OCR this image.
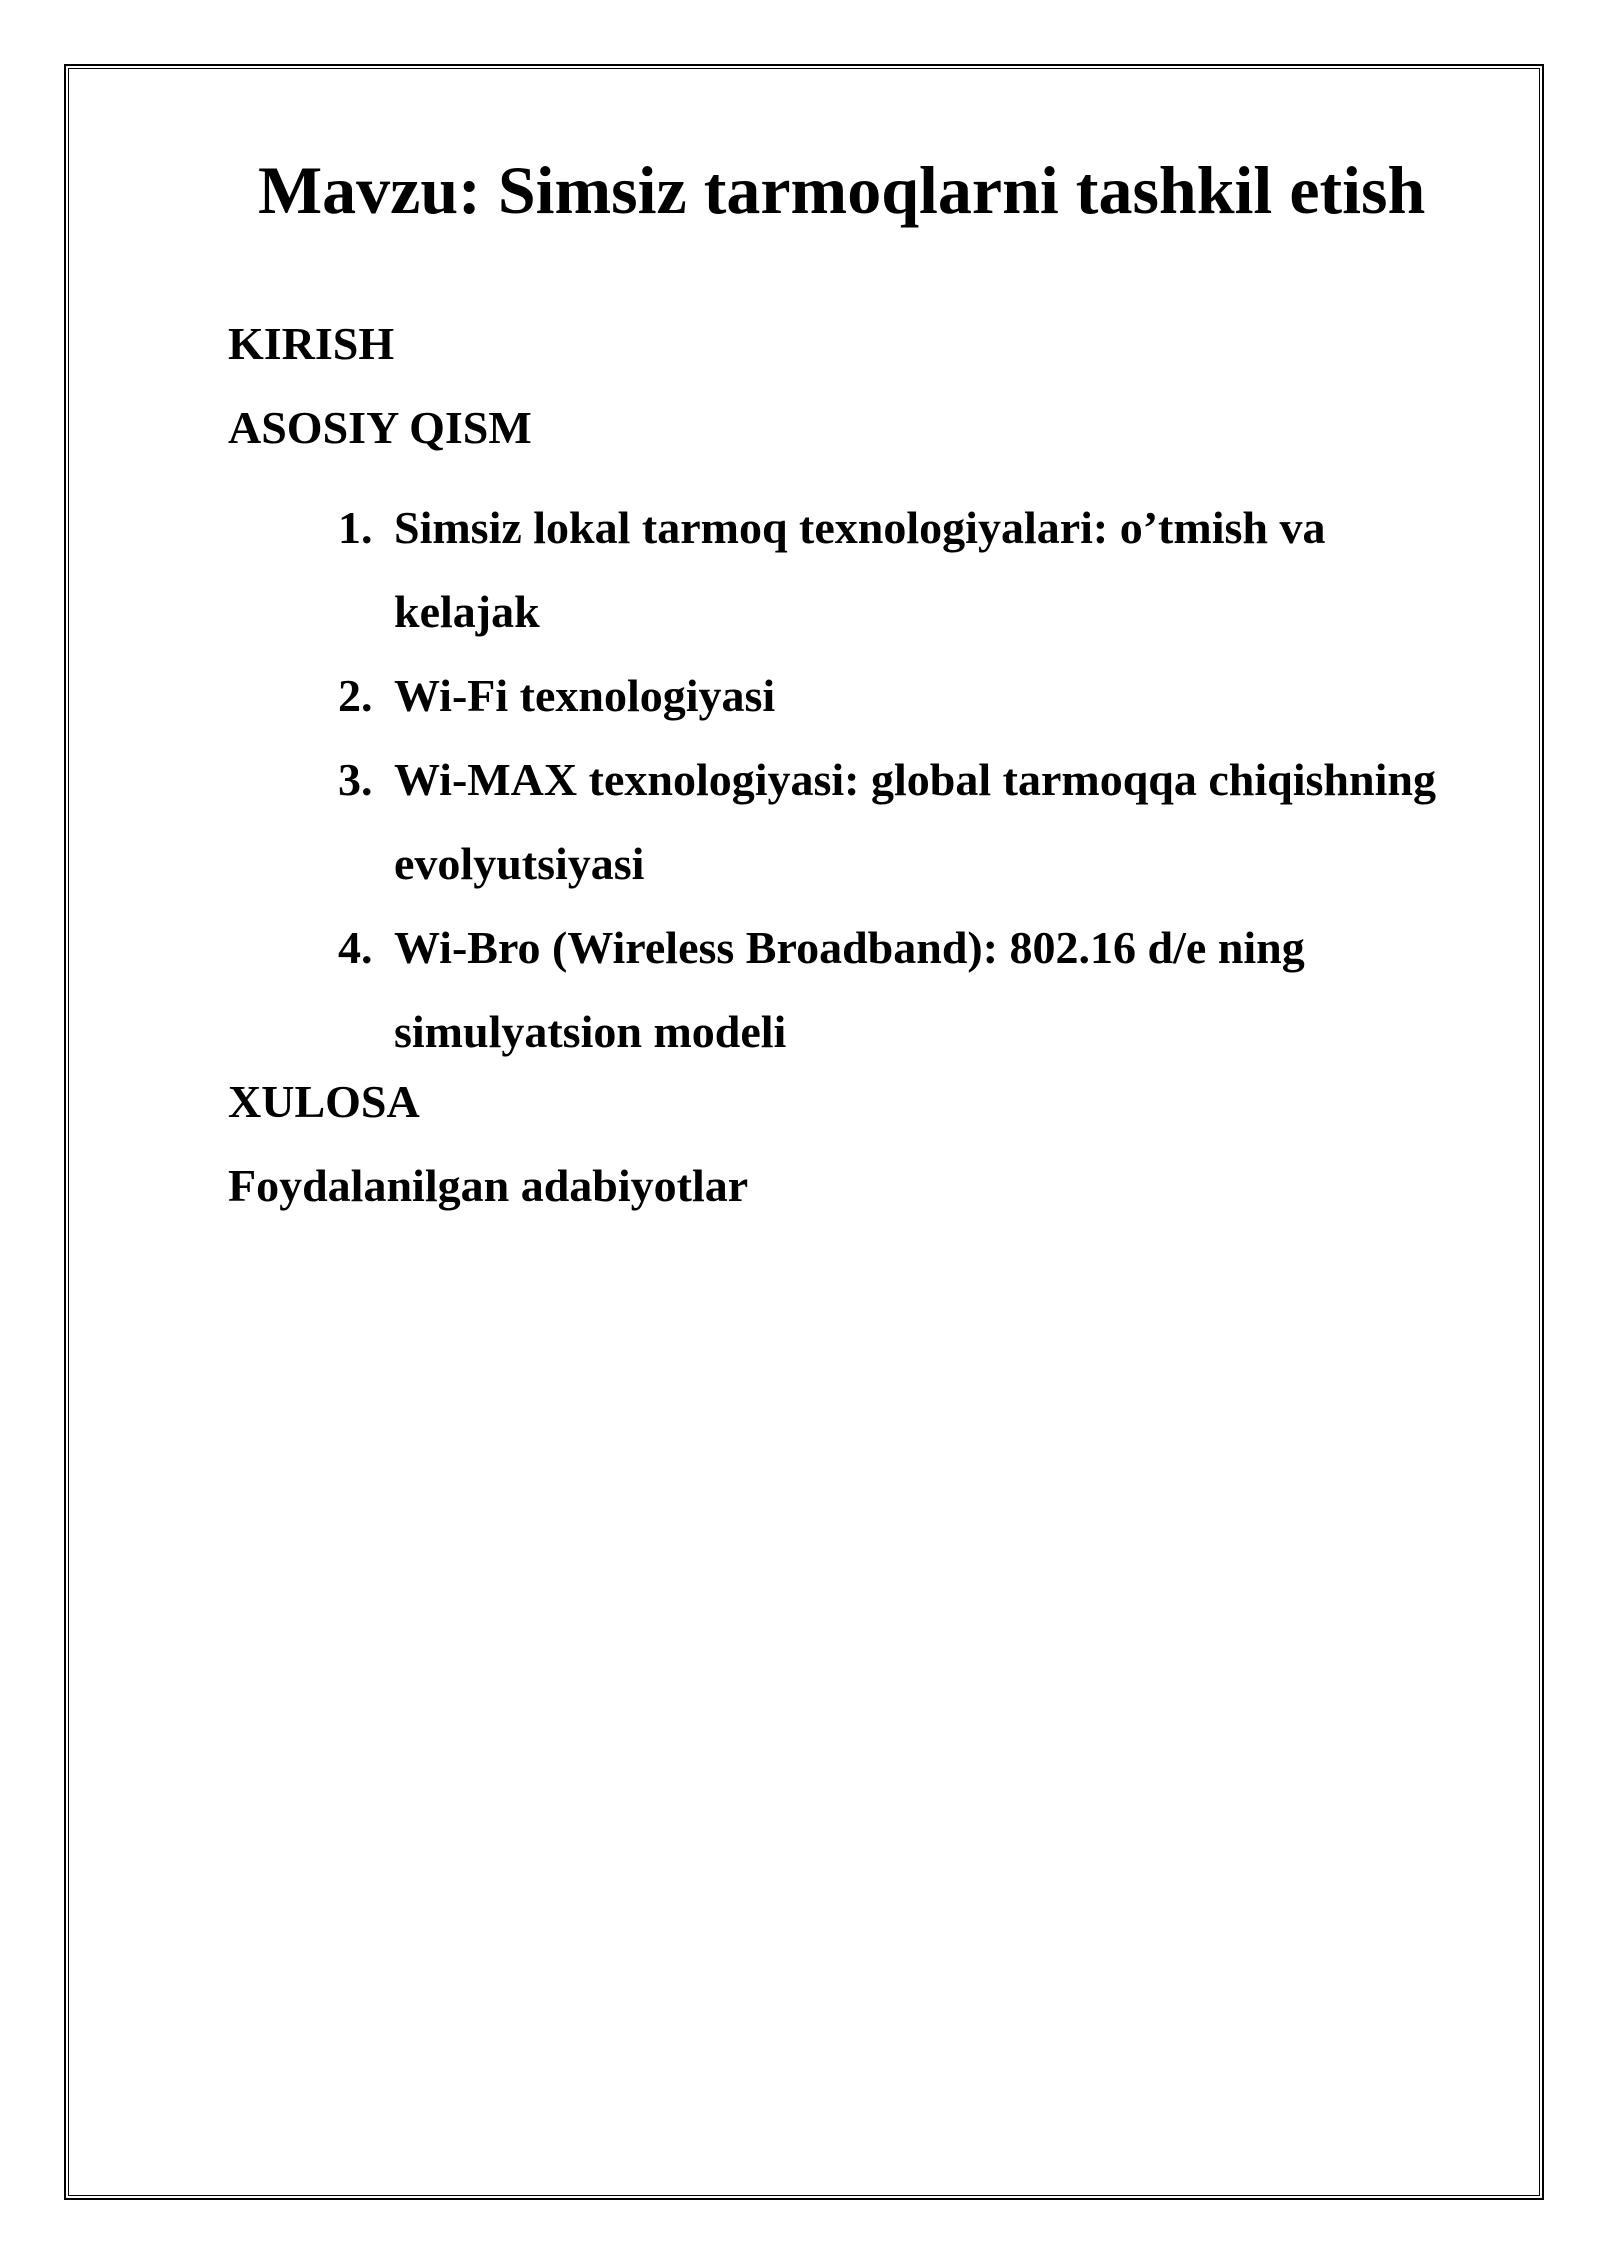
Mavzu: Simsiz tarmoqlarni tashkil etish
KIRISH
ASOSIY QISM
1. Simsiz lokal tarmoq texnologiyalari: o’tmish va kelajak
2. Wi-Fi texnologiyasi
3. Wi-MAX texnologiyasi: global tarmoqqa chiqishning evolyutsiyasi
4. Wi-Bro (Wireless Broadband): 802.16 d/e ning simulyatsion modeli
XULOSA
Foydalanilgan adabiyotlar
